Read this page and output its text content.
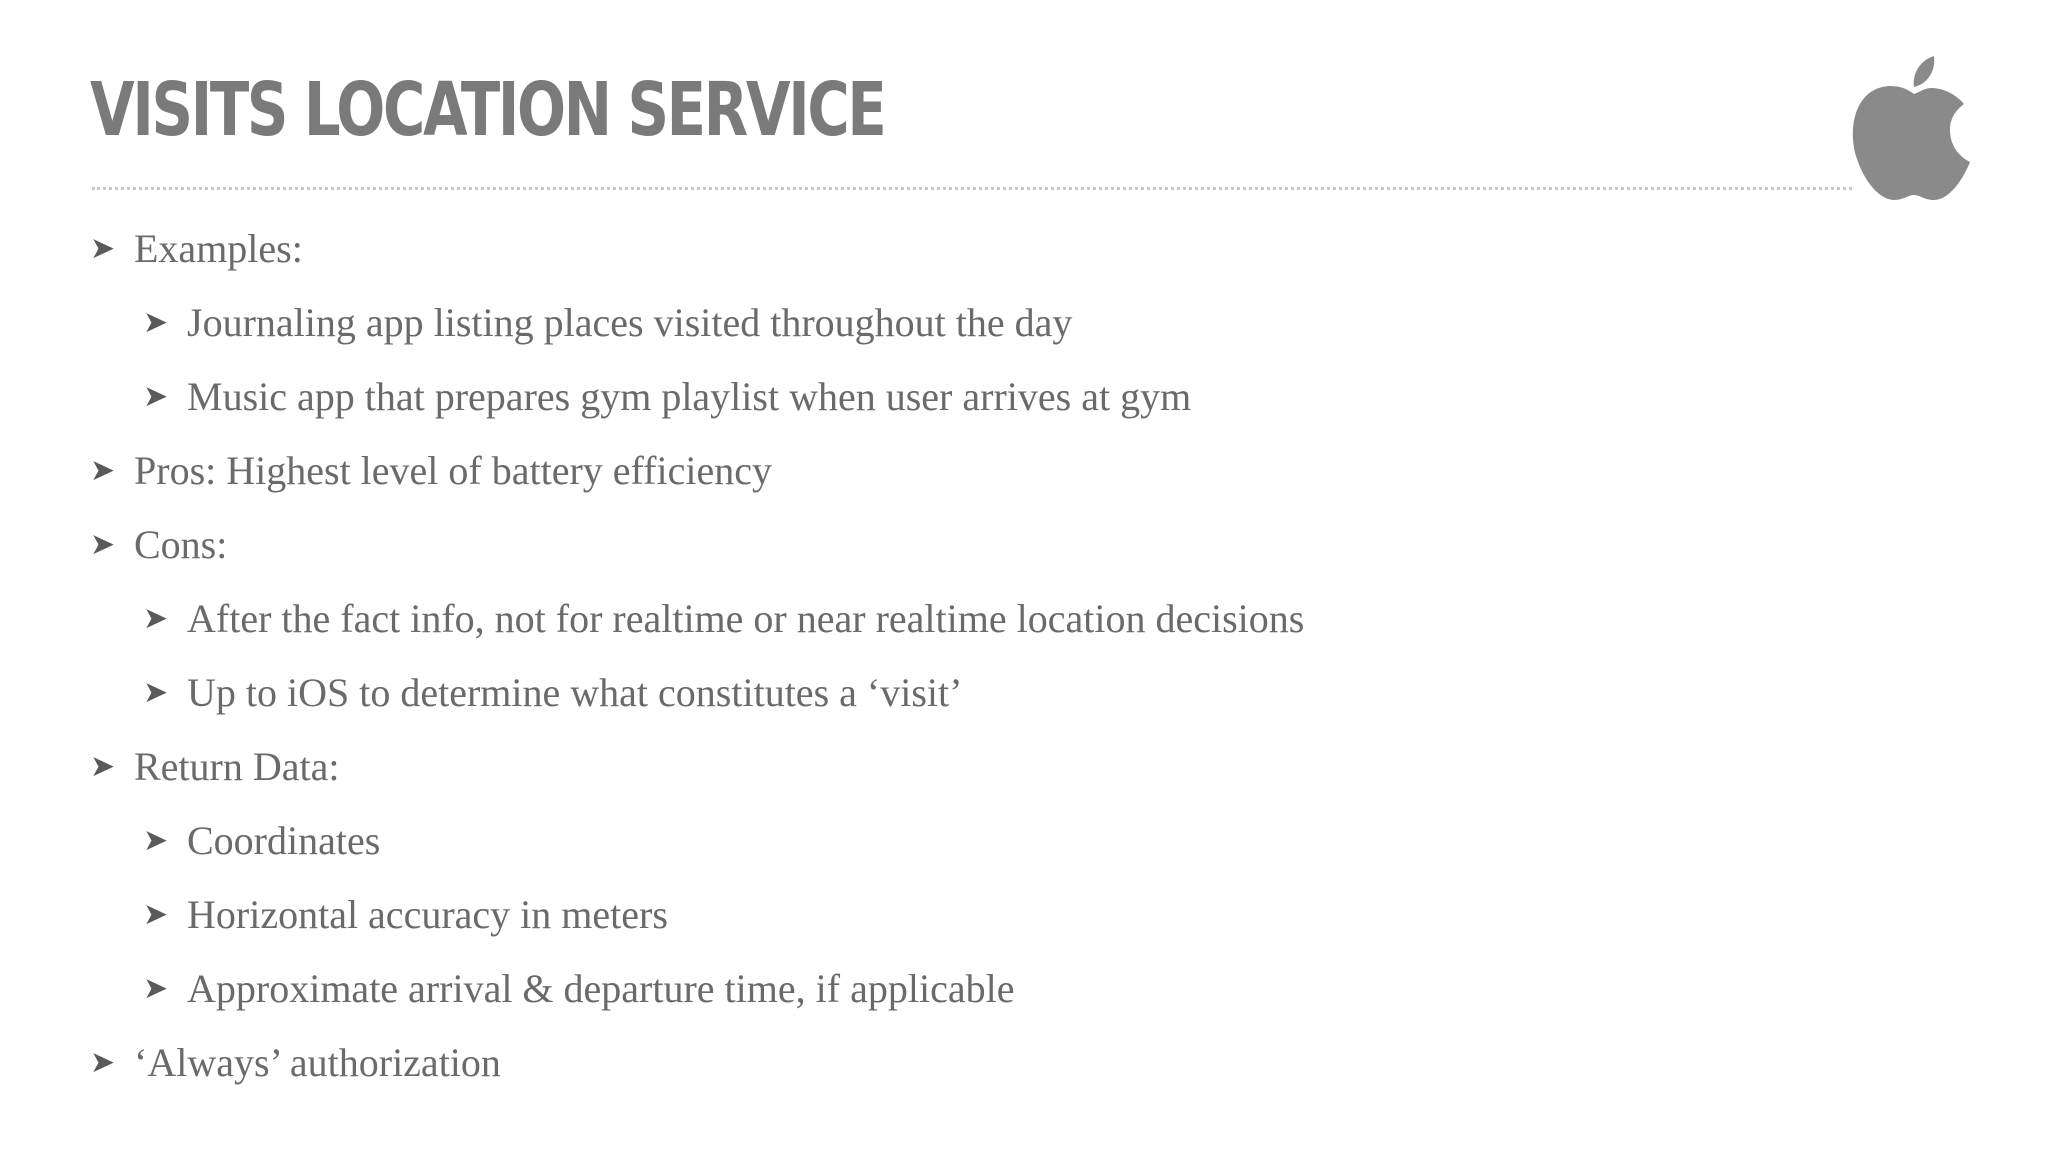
VISITS LOCATION SERVICE
➤ Examples:
➤ Journaling app listing places visited throughout the day
➤ Music app that prepares gym playlist when user arrives at gym
➤ Pros: Highest level of battery efficiency
➤ Cons:
➤ After the fact info, not for realtime or near realtime location decisions
➤ Up to iOS to determine what constitutes a ‘visit’
➤ Return Data:
➤ Coordinates
➤ Horizontal accuracy in meters
➤ Approximate arrival & departure time, if applicable
➤ ‘Always’ authorization
